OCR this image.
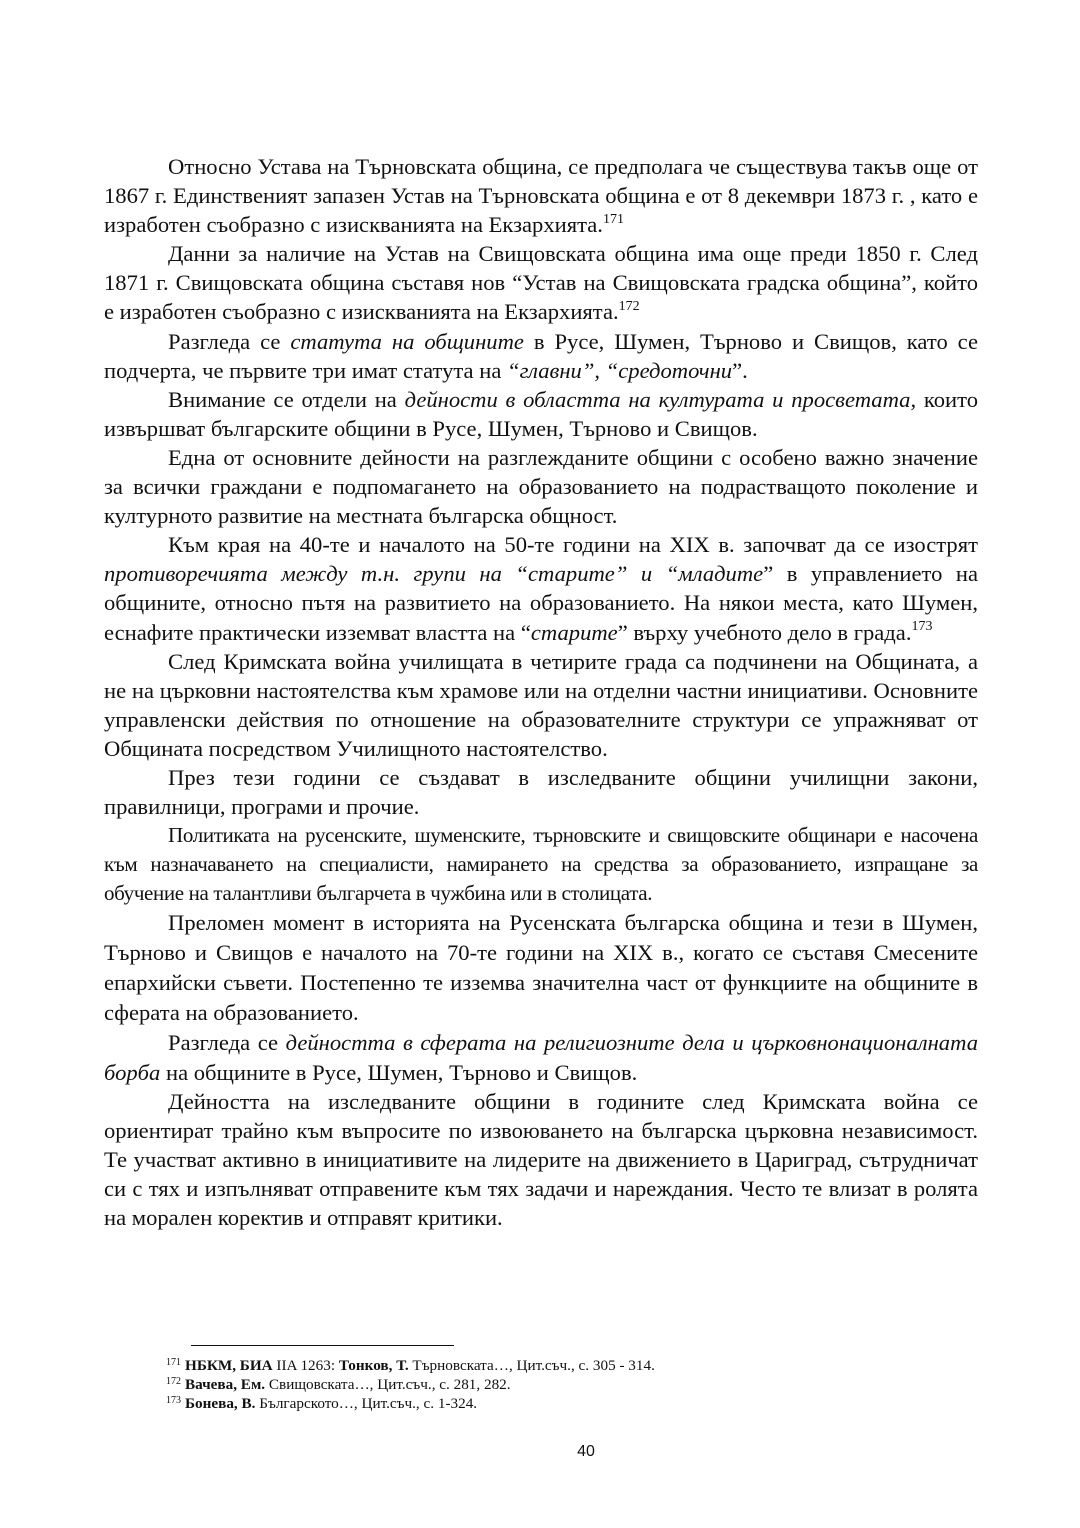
Относно Устава на Търновската община, се предполага че съществува такъв още от 1867 г. Единственият запазен Устав на Търновската община е от 8 декември 1873 г. , като е изработен съобразно с изискванията на Екзархията.$^{171}$

Данни за наличие на Устав на Свищовската община има още преди 1850 г. След 1871 г. Свищовската община съставя нов “Устав на Свищовската градска община”, който е изработен съобразно с изискванията на Екзархията.$^{172}$

Разгледа се статута на общините в Русе, Шумен, Търново и Свищов, като се подчерта, че първите три имат статута на “главни”, “средоточни”.

Внимание се отдели на дейности в областта на културата и просветата, които извършват българските общини в Русе, Шумен, Търново и Свищов.

Една от основните дейности на разглежданите общини с особено важно значение за всички граждани е подпомагането на образованието на подрастващото поколение и културното развитие на местната българска общност.

Към края на 40-те и началото на 50-те години на XIX в. започват да се изострят противоречията между т.н. групи на “старите” и “младите” в управлението на общините, относно пътя на развитието на образованието. На някои места, като Шумен, еснафите практически изземват властта на “старите” върху учебното дело в града.$^{173}$

След Кримската война училищата в четирите града са подчинени на Общината, а не на църковни настоятелства към храмове или на отделни частни инициативи. Основните управленски действия по отношение на образователните структури се упражняват от Общината посредством Училищното настоятелство.

През тези години се създават в изследваните общини училищни закони, правилници, програми и прочие.

Политиката на русенските, шуменските, търновските и свищовските общинари е насочена към назначаването на специалисти, намирането на средства за образованието, изпращане за обучение на талантливи българчета в чужбина или в столицата.

Преломен момент в историята на Русенската българска община и тези в Шумен, Търново и Свищов е началото на 70-те години на XIX в., когато се съставя Смесените епархийски съвети. Постепенно те изземва значителна част от функциите на общините в сферата на образованието.

Разгледа се дейността в сферата на религиозните дела и църковнонационалната борба на общините в Русе, Шумен, Търново и Свищов.

Дейността на изследваните общини в годините след Кримската война се ориентират трайно към въпросите по извоюването на българска църковна независимост. Те участват активно в инициативите на лидерите на движението в Цариград, сътрудничат си с тях и изпълняват отправените към тях задачи и нареждания. Често те влизат в ролята на морален коректив и отправят критики.

$^{171}$ НБКМ, БИА IIA 1263: Тонков, Т. Търновската…, Цит.съч., с. 305 - 314.

$^{172}$ Вачева, Ем. Свищовската…, Цит.съч., с. 281, 282.

$^{173}$ Бонева, В. Българското…, Цит.съч., с. 1-324.

40
